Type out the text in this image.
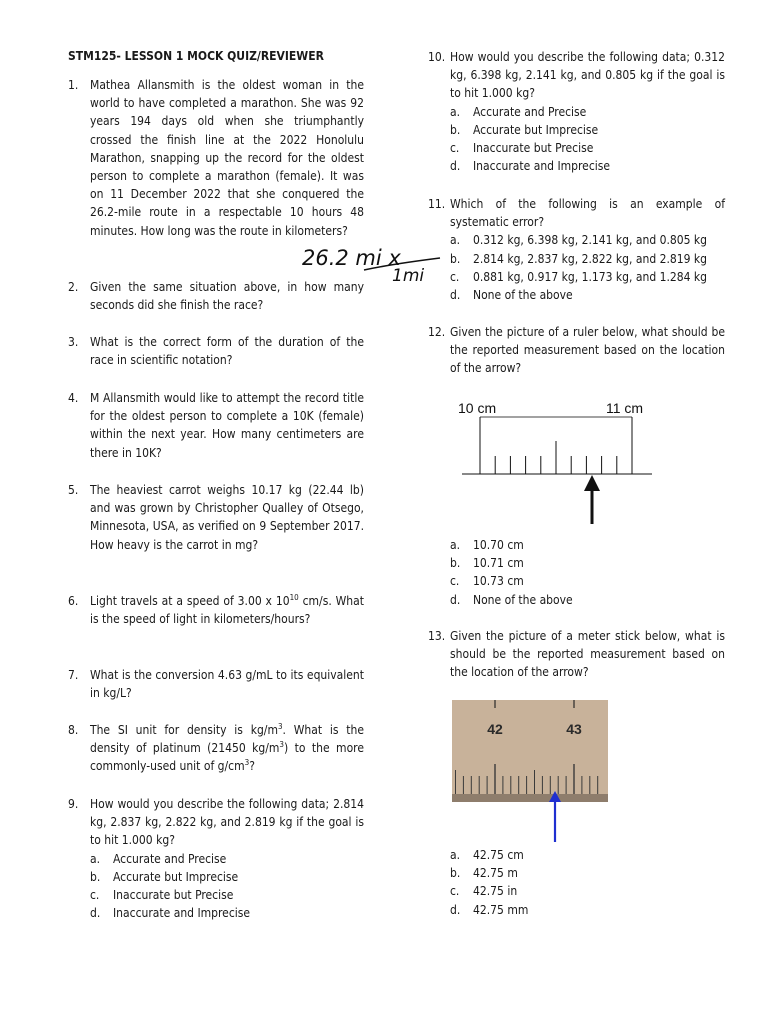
STM125- LESSON 1 MOCK QUIZ/REVIEWER
1. Mathea Allansmith is the oldest woman in the world to have completed a marathon. She was 92 years 194 days old when she triumphantly crossed the finish line at the 2022 Honolulu Marathon, snapping up the record for the oldest person to complete a marathon (female). It was on 11 December 2022 that she conquered the 26.2-mile route in a respectable 10 hours 48 minutes. How long was the route in kilometers?

2. Given the same situation above, in how many seconds did she finish the race?

3. What is the correct form of the duration of the race in scientific notation?

4. M Allansmith would like to attempt the record title for the oldest person to complete a 10K (female) within the next year. How many centimeters are there in 10K?

5. The heaviest carrot weighs 10.17 kg (22.44 lb) and was grown by Christopher Qualley of Otsego, Minnesota, USA, as verified on 9 September 2017. How heavy is the carrot in mg?

6. Light travels at a speed of 3.00 x $10^{10}$ cm/s. What is the speed of light in kilometers/hours?

7. What is the conversion 4.63 g/mL to its equivalent in kg/L?

8. The SI unit for density is $kg/m^3$. What is the density of platinum (21450 $kg/m^3$) to the more commonly-used unit of $g/cm^3$?

9. How would you describe the following data; 2.814 kg, 2.837 kg, 2.822 kg, and 2.819 kg if the goal is to hit 1.000 kg?

a. Accurate and Precise
b. Accurate but Imprecise
c. Inaccurate but Precise
d. Inaccurate and Imprecise
26.2 mi x
1mi
10. How would you describe the following data; 0.312 kg, 6.398 kg, 2.141 kg, and 0.805 kg if the goal is to hit 1.000 kg?

a. Accurate and Precise
b. Accurate but Imprecise
c. Inaccurate but Precise
d. Inaccurate and Imprecise
11. Which of the following is an example of systematic error?

a. 0.312 kg, 6.398 kg, 2.141 kg, and 0.805 kg
b. 2.814 kg, 2.837 kg, 2.822 kg, and 2.819 kg
c. 0.881 kg, 0.917 kg, 1.173 kg, and 1.284 kg
d. None of the above
12. Given the picture of a ruler below, what should be the reported measurement based on the location of the arrow?

a. 10.70 cm
b. 10.71 cm
c. 10.73 cm
d. None of the above
13. Given the picture of a meter stick below, what is should be the reported measurement based on the location of the arrow?

a. 42.75 cm
b. 42.75 m
c. 42.75 in
d. 42.75 mm
10 cm	11 cm
42	43
